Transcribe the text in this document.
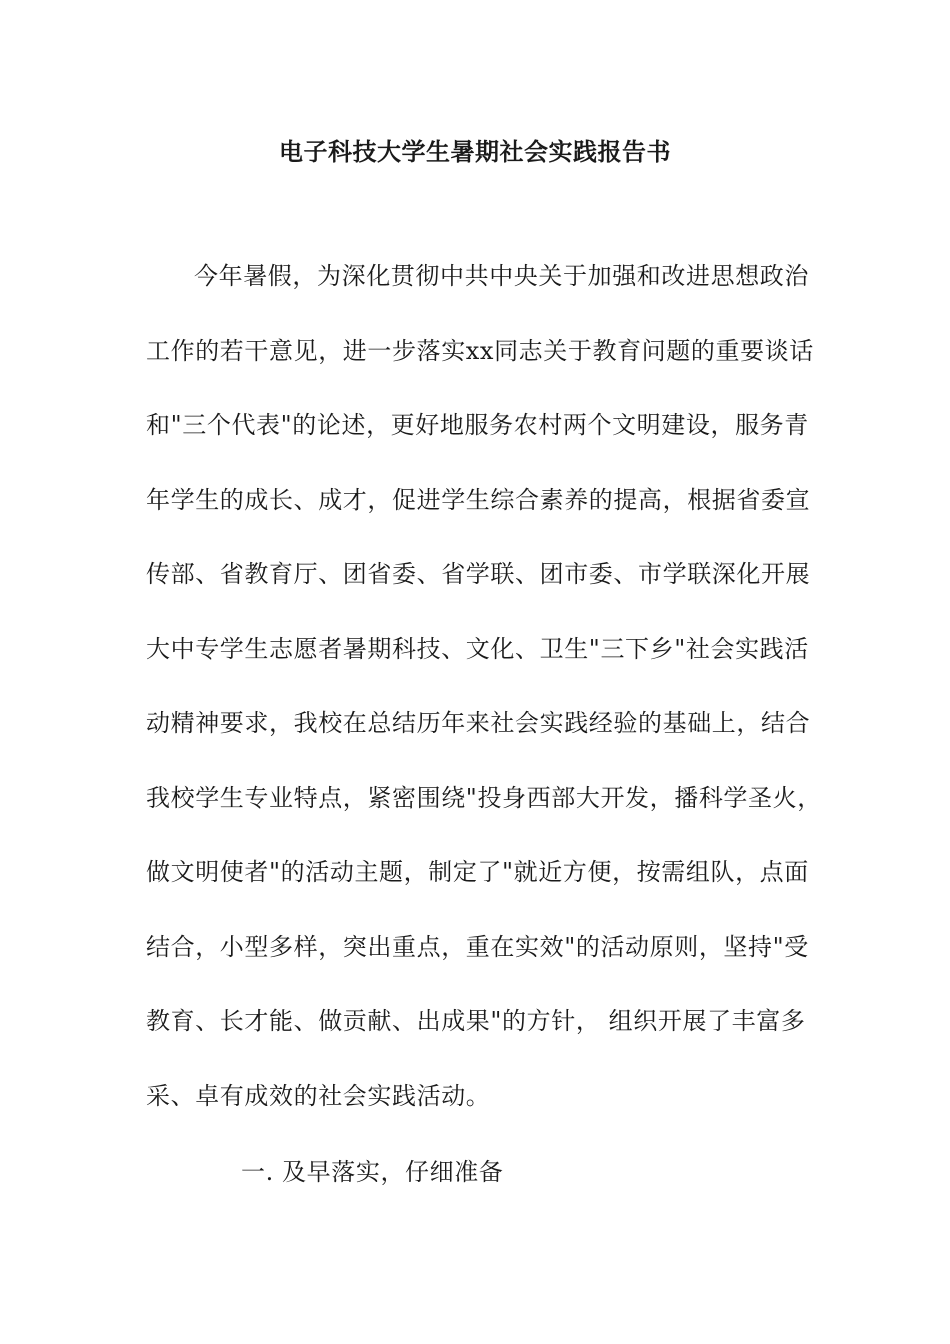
电子科技大学生暑期社会实践报告书
今年暑假，为深化贯彻中共中央关于加强和改进思想政治
工作的若干意见，进一步落实xx同志关于教育问题的重要谈话
和"三个代表"的论述，更好地服务农村两个文明建设，服务青
年学生的成长、成才，促进学生综合素养的提高，根据省委宣
传部、省教育厅、团省委、省学联、团市委、市学联深化开展
大中专学生志愿者暑期科技、文化、卫生"三下乡"社会实践活
动精神要求，我校在总结历年来社会实践经验的基础上，结合
我校学生专业特点，紧密围绕"投身西部大开发，播科学圣火，
做文明使者"的活动主题，制定了"就近方便，按需组队，点面
结合，小型多样，突出重点，重在实效"的活动原则，坚持"受
教育、长才能、做贡献、出成果"的方针， 组织开展了丰富多
采、卓有成效的社会实践活动。
一. 及早落实，仔细准备
